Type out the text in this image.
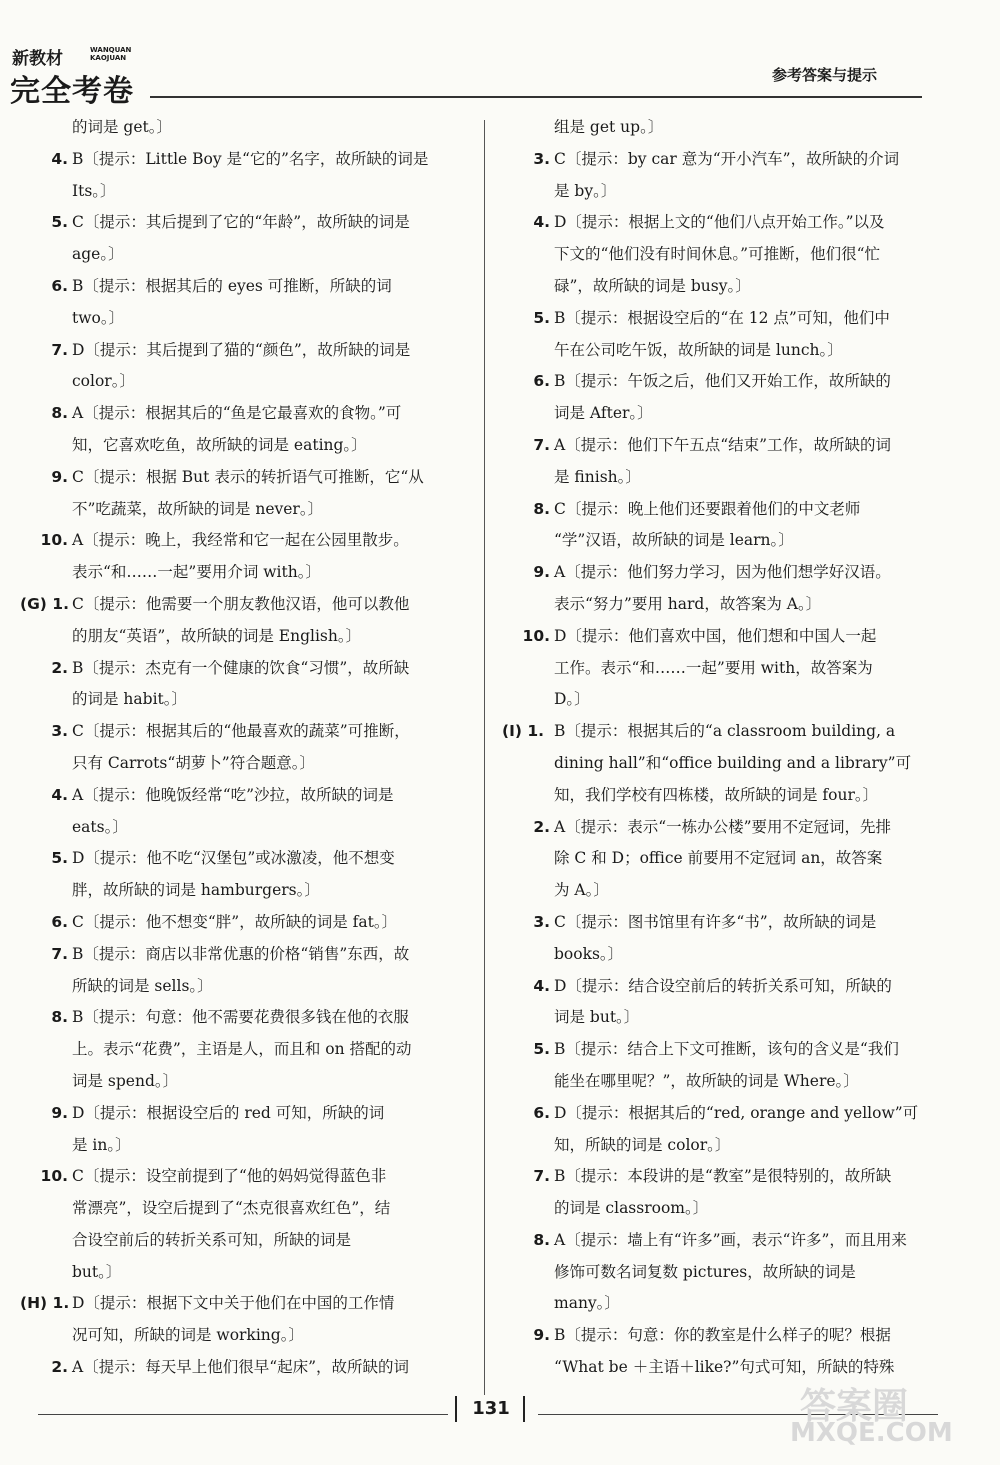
新教材	WANQUAN
KAOJUAN
完全考卷	参考答案与提示
的词是 get。〕
4. B〔提示：Little Boy 是“它的”名字，故所缺的词是
Its。〕
5. C〔提示：其后提到了它的“年龄”，故所缺的词是
age。〕
6. B〔提示：根据其后的 eyes 可推断，所缺的词
two。〕
7. D〔提示：其后提到了猫的“颜色”，故所缺的词是
color。〕
8. A〔提示：根据其后的“鱼是它最喜欢的食物。”可
知，它喜欢吃鱼，故所缺的词是 eating。〕
9. C〔提示：根据 But 表示的转折语气可推断，它“从
不”吃蔬菜，故所缺的词是 never。〕
10. A〔提示：晚上，我经常和它一起在公园里散步。
表示“和……一起”要用介词 with。〕
(G) 1. C〔提示：他需要一个朋友教他汉语，他可以教他
的朋友“英语”，故所缺的词是 English。〕
2. B〔提示：杰克有一个健康的饮食“习惯”，故所缺
的词是 habit。〕
3. C〔提示：根据其后的“他最喜欢的蔬菜”可推断，
只有 Carrots“胡萝卜”符合题意。〕
4. A〔提示：他晚饭经常“吃”沙拉，故所缺的词是
eats。〕
5. D〔提示：他不吃“汉堡包”或冰激凌，他不想变
胖，故所缺的词是 hamburgers。〕
6. C〔提示：他不想变“胖”，故所缺的词是 fat。〕
7. B〔提示：商店以非常优惠的价格“销售”东西，故
所缺的词是 sells。〕
8. B〔提示：句意：他不需要花费很多钱在他的衣服
上。表示“花费”，主语是人，而且和 on 搭配的动
词是 spend。〕
9. D〔提示：根据设空后的 red 可知，所缺的词
是 in。〕
10. C〔提示：设空前提到了“他的妈妈觉得蓝色非
常漂亮”，设空后提到了“杰克很喜欢红色”，结
合设空前后的转折关系可知，所缺的词是
but。〕
(H) 1. D〔提示：根据下文中关于他们在中国的工作情
况可知，所缺的词是 working。〕
2. A〔提示：每天早上他们很早“起床”，故所缺的词
组是 get up。〕
3. C〔提示：by car 意为“开小汽车”，故所缺的介词
是 by。〕
4. D〔提示：根据上文的“他们八点开始工作。”以及
下文的“他们没有时间休息。”可推断，他们很“忙
碌”，故所缺的词是 busy。〕
5. B〔提示：根据设空后的“在 12 点”可知，他们中
午在公司吃午饭，故所缺的词是 lunch。〕
6. B〔提示：午饭之后，他们又开始工作，故所缺的
词是 After。〕
7. A〔提示：他们下午五点“结束”工作，故所缺的词
是 finish。〕
8. C〔提示：晚上他们还要跟着他们的中文老师
“学”汉语，故所缺的词是 learn。〕
9. A〔提示：他们努力学习，因为他们想学好汉语。
表示“努力”要用 hard，故答案为 A。〕
10. D〔提示：他们喜欢中国，他们想和中国人一起
工作。表示“和……一起”要用 with，故答案为
D。〕
(I) 1. B〔提示：根据其后的“a classroom building, a
dining hall”和“office building and a library”可
知，我们学校有四栋楼，故所缺的词是 four。〕
2. A〔提示：表示“一栋办公楼”要用不定冠词，先排
除 C 和 D；office 前要用不定冠词 an，故答案
为 A。〕
3. C〔提示：图书馆里有许多“书”，故所缺的词是
books。〕
4. D〔提示：结合设空前后的转折关系可知，所缺的
词是 but。〕
5. B〔提示：结合上下文可推断，该句的含义是“我们
能坐在哪里呢？”，故所缺的词是 Where。〕
6. D〔提示：根据其后的“red, orange and yellow”可
知，所缺的词是 color。〕
7. B〔提示：本段讲的是“教室”是很特别的，故所缺
的词是 classroom。〕
8. A〔提示：墙上有“许多”画，表示“许多”，而且用来
修饰可数名词复数 pictures，故所缺的词是
many。〕
9. B〔提示：句意：你的教室是什么样子的呢？根据
“What be ＋主语＋like?”句式可知，所缺的特殊
131	答案圈
MXQE.COM
